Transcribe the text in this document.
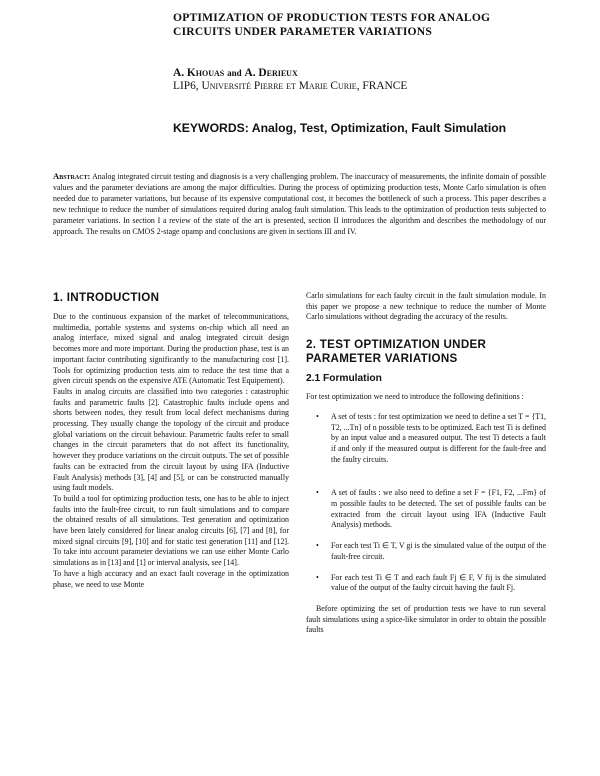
OPTIMIZATION OF PRODUCTION TESTS FOR ANALOG CIRCUITS UNDER PARAMETER VARIATIONS
A. Khouas and A. Derieux
LIP6, Université Pierre et Marie Curie, FRANCE
KEYWORDS: Analog, Test, Optimization, Fault Simulation
Abstract: Analog integrated circuit testing and diagnosis is a very challenging problem. The inaccuracy of measurements, the infinite domain of possible values and the parameter deviations are among the major difficulties. During the process of optimizing production tests, Monte Carlo simulation is often needed due to parameter variations, but because of its expensive computational cost, it becomes the bottleneck of such a process. This paper describes a new technique to reduce the number of simulations required during analog fault simulation. This leads to the optimization of production tests subjected to parameter variations. In section I a review of the state of the art is presented, section II introduces the algorithm and describes the methodology of our approach. The results on CMOS 2-stage opamp and conclusions are given in sections III and IV.
1. INTRODUCTION

Due to the continuous expansion of the market of telecommunications, multimedia, portable systems and systems on-chip which all need an analog interface, mixed signal and analog integrated circuit design becomes more and more important. During the production phase, test is an important factor contributing significantly to the manufacturing cost [1]. Tools for optimizing production tests aim to reduce the test time that a given circuit spends on the expensive ATE (Automatic Test Equipement).

Faults in analog circuits are classified into two categories : catastrophic faults and parametric faults [2]. Catastrophic faults include opens and shorts between nodes, they result from local defect mechanisms during processing. They usually change the topology of the circuit and produce global variations on the circuit behaviour. Parametric faults refer to small changes in the circuit parameters that do not affect its functionality, however they produce variations on the circuit outputs. The set of possible faults can be extracted from the circuit layout by using IFA (Inductive Fault Analysis) methods [3], [4] and [5], or can be constructed manually using fault models.

To build a tool for optimizing production tests, one has to be able to inject faults into the fault-free circuit, to run fault simulations and to compare the obtained results of all simulations. Test generation and optimization have been lately considered for linear analog circuits [6], [7] and [8], for mixed signal circuits [9], [10] and for static test generation [11] and [12]. To take into account parameter deviations we can use either Monte Carlo simulations as in [13] and [1] or interval analysis, see [14].

To have a high accuracy and an exact fault coverage in the optimization phase, we need to use Monte

Carlo simulations for each faulty circuit in the fault simulation module. In this paper we propose a new technique to reduce the number of Monte Carlo simulations without degrading the accuracy of the results.

2. TEST OPTIMIZATION UNDER PARAMETER VARIATIONS
2.1 Formulation

For test optimization we need to introduce the following definitions :

• A set of tests : for test optimization we need to define a set T = {T1, T2, ...Tn} of n possible tests to be optimized. Each test Ti is defined by an input value and a measured output. The test Ti detects a fault if and only if the measured output is different for the fault-free and the faulty circuits.
• A set of faults : we also need to define a set F = {F1, F2, ...Fm} of m possible faults to be detected. The set of possible faults can be extracted from the circuit layout using IFA (Inductive Fault Analysis) methods.
• For each test Ti ∈ T, V gi is the simulated value of the output of the fault-free circuit.
• For each test Ti ∈ T and each fault Fj ∈ F, V fij is the simulated value of the output of the faulty circuit having the fault Fj.

Before optimizing the set of production tests we have to run several fault simulations using a spice-like simulator in order to obtain the possible faults
